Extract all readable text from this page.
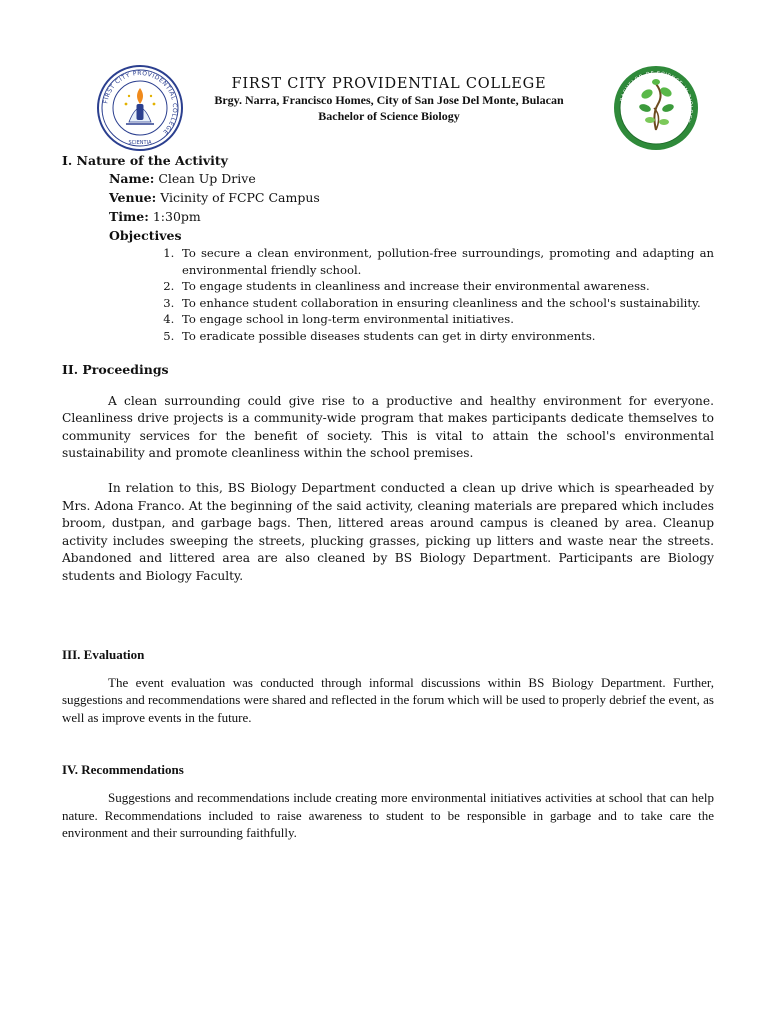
FIRST CITY PROVIDENTIAL COLLEGE
SCIENTIA
FIRST CITY PROVIDENTIAL COLLEGE
Brgy. Narra, Francisco Homes, City of San Jose Del Monte, Bulacan
Bachelor of Science Biology
BACHELOR OF SCIENCE IN BIOLOGY
I. Nature of the Activity
Name: Clean Up Drive
Venue: Vicinity of FCPC Campus
Time: 1:30pm
Objectives
1. To secure a clean environment, pollution-free surroundings, promoting and adapting an environmental friendly school.
2. To engage students in cleanliness and increase their environmental awareness.
3. To enhance student collaboration in ensuring cleanliness and the school's sustainability.
4. To engage school in long-term environmental initiatives.
5. To eradicate possible diseases students can get in dirty environments.
II. Proceedings

A clean surrounding could give rise to a productive and healthy environment for everyone. Cleanliness drive projects is a community-wide program that makes participants dedicate themselves to community services for the benefit of society. This is vital to attain the school's environmental sustainability and promote cleanliness within the school premises.

In relation to this, BS Biology Department conducted a clean up drive which is spearheaded by Mrs. Adona Franco. At the beginning of the said activity, cleaning materials are prepared which includes broom, dustpan, and garbage bags. Then, littered areas around campus is cleaned by area. Cleanup activity includes sweeping the streets, plucking grasses, picking up litters and waste near the streets. Abandoned and littered area are also cleaned by BS Biology Department. Participants are Biology students and Biology Faculty.

III. Evaluation

The event evaluation was conducted through informal discussions within BS Biology Department. Further, suggestions and recommendations were shared and reflected in the forum which will be used to properly debrief the event, as well as improve events in the future.

IV. Recommendations

Suggestions and recommendations include creating more environmental initiatives activities at school that can help nature. Recommendations included to raise awareness to student to be responsible in garbage and to take care the environment and their surrounding faithfully.
